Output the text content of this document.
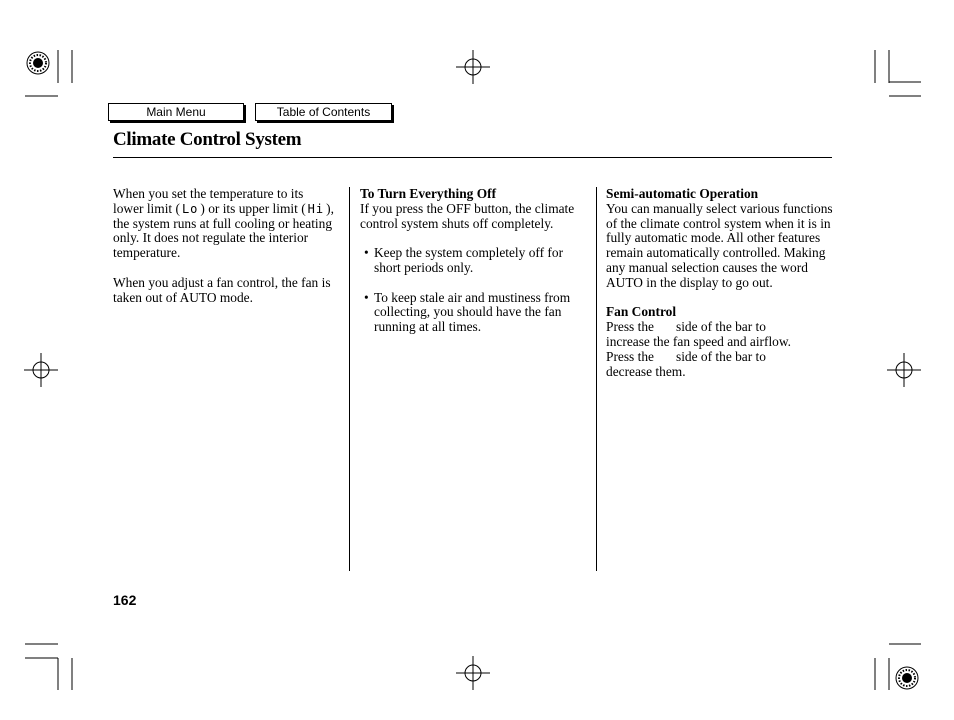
Main Menu	Table of Contents
Climate Control System

When you set the temperature to its lower limit ( Lo ) or its upper limit ( Hi ), the system runs at full cooling or heating only. It does not regulate the interior temperature.

When you adjust a fan control, the fan is taken out of AUTO mode.

To Turn Everything Off

If you press the OFF button, the climate control system shuts off completely.

• Keep the system completely off for short periods only.

• To keep stale air and mustiness from collecting, you should have the fan running at all times.

Semi-automatic Operation

You can manually select various functions of the climate control system when it is in fully automatic mode. All other features remain automatically controlled. Making any manual selection causes the word AUTO in the display to go out.

Fan Control
Press the side of the bar to
increase the fan speed and airflow.
Press the side of the bar to
decrease them.
162
